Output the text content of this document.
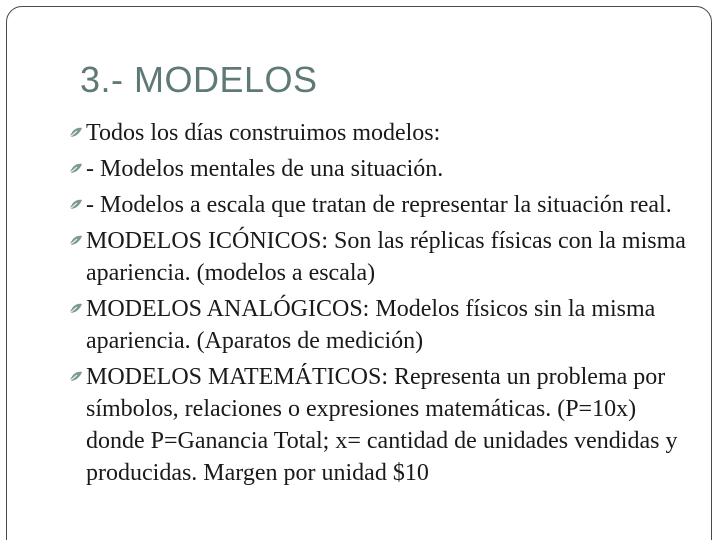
3.- MODELOS
Todos los días construimos modelos:
- Modelos mentales de una situación.
- Modelos a escala que tratan de representar la situación real.
MODELOS ICÓNICOS: Son las réplicas físicas con la misma apariencia. (modelos a escala)
MODELOS ANALÓGICOS: Modelos físicos sin la misma apariencia. (Aparatos de medición)
MODELOS MATEMÁTICOS: Representa un problema por símbolos, relaciones o expresiones matemáticas. (P=10x) donde P=Ganancia Total; x= cantidad de unidades vendidas y producidas. Margen por unidad $10
